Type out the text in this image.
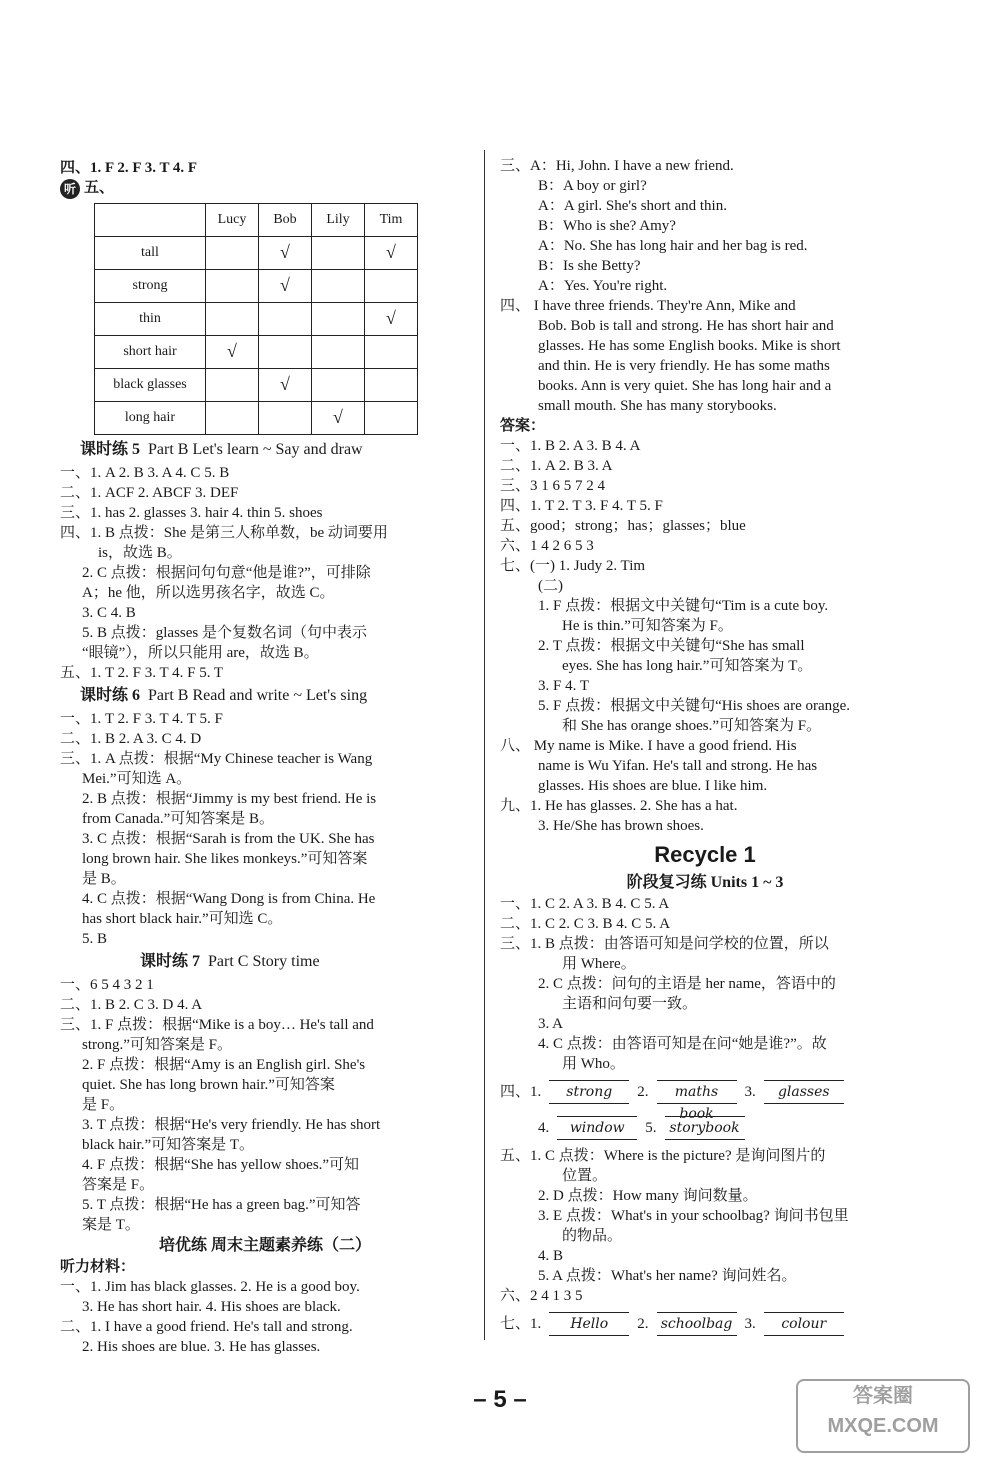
四、1. F 2. F 3. T 4. F
听 五、
	Lucy	Bob	Lily	Tim
tall		√		√
strong		√		
thin				√
short hair	√			
black glasses		√		
long hair			√	
课时练 5 Part B Let's learn ~ Say and draw
一、1. A 2. B 3. A 4. C 5. B
二、1. ACF 2. ABCF 3. DEF
三、1. has 2. glasses 3. hair 4. thin 5. shoes
四、1. B 点拨：She 是第三人称单数，be 动词要用
is，故选 B。
2. C 点拨：根据问句句意“他是谁?”，可排除
A；he 他，所以选男孩名字，故选 C。
3. C 4. B
5. B 点拨：glasses 是个复数名词（句中表示
“眼镜”），所以只能用 are，故选 B。
五、1. T 2. F 3. T 4. F 5. T
课时练 6 Part B Read and write ~ Let's sing
一、1. T 2. F 3. T 4. T 5. F
二、1. B 2. A 3. C 4. D
三、1. A 点拨：根据“My Chinese teacher is Wang
Mei.”可知选 A。
2. B 点拨：根据“Jimmy is my best friend. He is
from Canada.”可知答案是 B。
3. C 点拨：根据“Sarah is from the UK. She has
long brown hair. She likes monkeys.”可知答案
是 B。
4. C 点拨：根据“Wang Dong is from China. He
has short black hair.”可知选 C。
5. B
课时练 7 Part C Story time
一、6 5 4 3 2 1
二、1. B 2. C 3. D 4. A
三、1. F 点拨：根据“Mike is a boy… He's tall and
strong.”可知答案是 F。
2. F 点拨：根据“Amy is an English girl. She's
quiet. She has long brown hair.”可知答案
是 F。
3. T 点拨：根据“He's very friendly. He has short
black hair.”可知答案是 T。
4. F 点拨：根据“She has yellow shoes.”可知
答案是 F。
5. T 点拨：根据“He has a green bag.”可知答
案是 T。
培优练 周末主题素养练（二）
听力材料：
一、1. Jim has black glasses. 2. He is a good boy.
3. He has short hair. 4. His shoes are black.
二、1. I have a good friend. He's tall and strong.
2. His shoes are blue. 3. He has glasses.
三、A：Hi, John. I have a new friend.
B：A boy or girl?
A：A girl. She's short and thin.
B：Who is she? Amy?
A：No. She has long hair and her bag is red.
B：Is she Betty?
A：Yes. You're right.
四、 I have three friends. They're Ann, Mike and
Bob. Bob is tall and strong. He has short hair and
glasses. He has some English books. Mike is short
and thin. He is very friendly. He has some maths
books. Ann is very quiet. She has long hair and a
small mouth. She has many storybooks.
答案：
一、1. B 2. A 3. B 4. A
二、1. A 2. B 3. A
三、3 1 6 5 7 2 4
四、1. T 2. T 3. F 4. T 5. F
五、good；strong；has；glasses；blue
六、1 4 2 6 5 3
七、(一) 1. Judy 2. Tim
(二)
1. F 点拨：根据文中关键句“Tim is a cute boy.
He is thin.”可知答案为 F。
2. T 点拨：根据文中关键句“She has small
eyes. She has long hair.”可知答案为 T。
3. F 4. T
5. F 点拨：根据文中关键句“His shoes are orange.
和 She has orange shoes.”可知答案为 F。
八、 My name is Mike. I have a good friend. His
name is Wu Yifan. He's tall and strong. He has
glasses. His shoes are blue. I like him.
九、1. He has glasses. 2. She has a hat.
3. He/She has brown shoes.
Recycle 1
阶段复习练 Units 1 ~ 3
一、1. C 2. A 3. B 4. C 5. A
二、1. C 2. C 3. B 4. C 5. A
三、1. B 点拨：由答语可知是问学校的位置，所以
用 Where。
2. C 点拨：问句的主语是 her name，答语中的
主语和问句要一致。
3. A
4. C 点拨：由答语可知是在问“她是谁?”。故
用 Who。
四、1.	strong	2.	maths book
3.	glasses
4.	window	5. storybook
五、1. C 点拨：Where is the picture? 是询问图片的
位置。
2. D 点拨：How many 询问数量。
3. E 点拨：What's in your schoolbag? 询问书包里
的物品。
4. B
5. A 点拨：What's her name? 询问姓名。
六、2 4 1 3 5
七、1.	Hello	2. schoolbag 3.	colour
– 5 –	答案圈 MXQE.COM
